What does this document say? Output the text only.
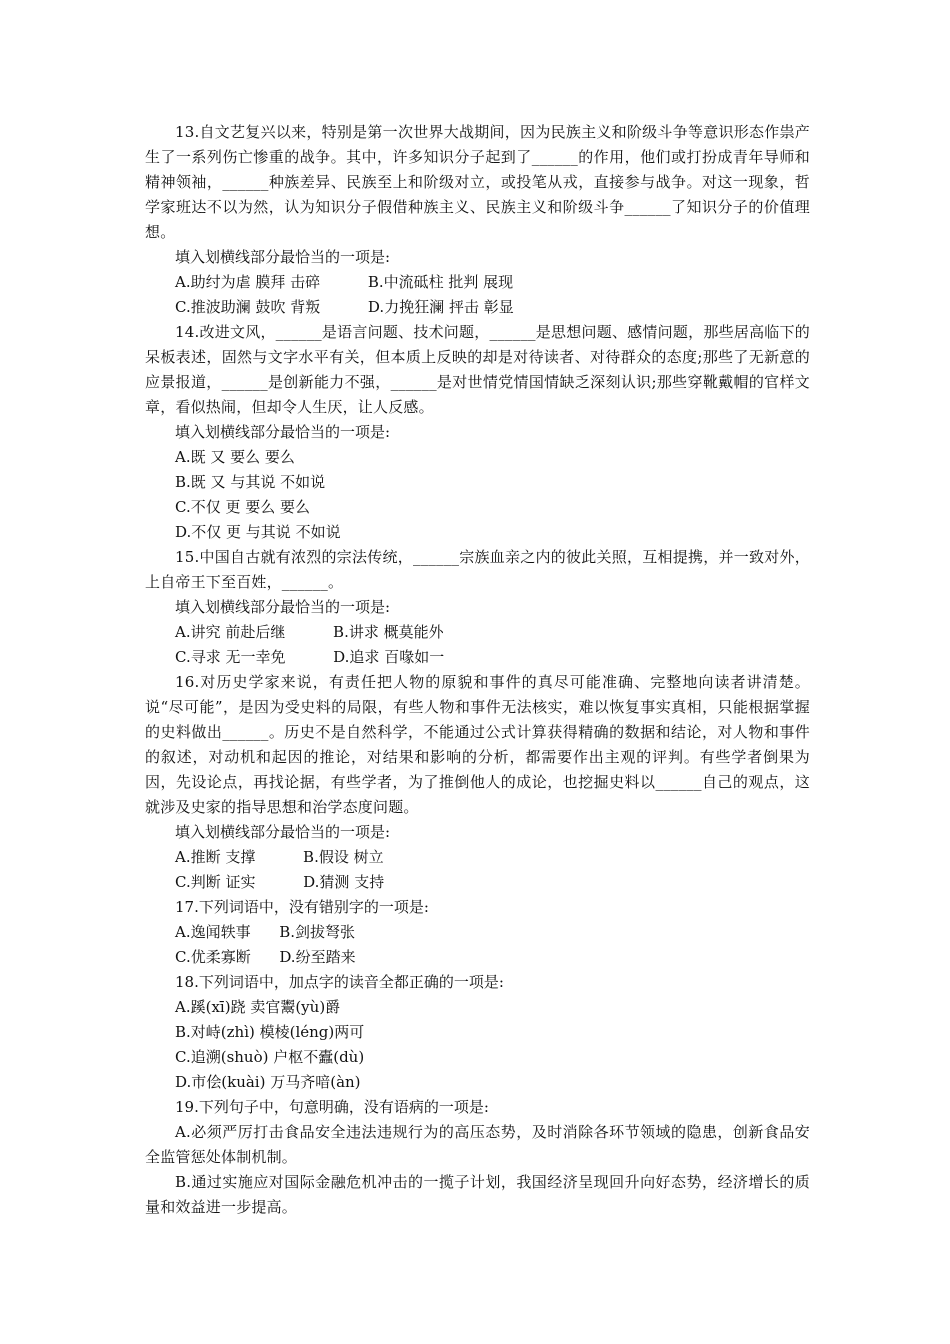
13.自文艺复兴以来，特别是第一次世界大战期间，因为民族主义和阶级斗争等意识形态作祟产生了一系列伤亡惨重的战争。其中，许多知识分子起到了______的作用，他们或打扮成青年导师和精神领袖，______种族差异、民族至上和阶级对立，或投笔从戎，直接参与战争。对这一现象，哲学家班达不以为然，认为知识分子假借种族主义、民族主义和阶级斗争______了知识分子的价值理想。

填入划横线部分最恰当的一项是:

A.助纣为虐 膜拜 击碎          B.中流砥柱 批判 展现

C.推波助澜 鼓吹 背叛          D.力挽狂澜 抨击 彰显

14.改进文风，______是语言问题、技术问题，______是思想问题、感情问题，那些居高临下的呆板表述，固然与文字水平有关，但本质上反映的却是对待读者、对待群众的态度;那些了无新意的应景报道，______是创新能力不强，______是对世情党情国情缺乏深刻认识;那些穿靴戴帽的官样文章，看似热闹，但却令人生厌，让人反感。

填入划横线部分最恰当的一项是:

A.既 又 要么 要么

B.既 又 与其说 不如说

C.不仅 更 要么 要么

D.不仅 更 与其说 不如说

15.中国自古就有浓烈的宗法传统，______宗族血亲之内的彼此关照，互相提携，并一致对外，上自帝王下至百姓，______。

填入划横线部分最恰当的一项是:

A.讲究 前赴后继          B.讲求 概莫能外

C.寻求 无一幸免          D.追求 百喙如一

16.对历史学家来说，有责任把人物的原貌和事件的真尽可能准确、完整地向读者讲清楚。说“尽可能”，是因为受史料的局限，有些人物和事件无法核实，难以恢复事实真相，只能根据掌握的史料做出______。历史不是自然科学，不能通过公式计算获得精确的数据和结论，对人物和事件的叙述，对动机和起因的推论，对结果和影响的分析，都需要作出主观的评判。有些学者倒果为因，先设论点，再找论据，有些学者，为了推倒他人的成论，也挖掘史料以______自己的观点，这就涉及史家的指导思想和治学态度问题。

填入划横线部分最恰当的一项是:

A.推断 支撑          B.假设 树立

C.判断 证实          D.猜测 支持

17.下列词语中，没有错别字的一项是:

A.逸闻轶事      B.剑拔弩张

C.优柔寡断      D.纷至踏来

18.下列词语中，加点字的读音全都正确的一项是:

A.蹊(xī)跷 卖官鬻(yù)爵

B.对峙(zhì) 模棱(léng)两可

C.追溯(shuò) 户枢不蠹(dù)

D.市侩(kuài) 万马齐喑(àn)

19.下列句子中，句意明确，没有语病的一项是:

A.必须严厉打击食品安全违法违规行为的高压态势，及时消除各环节领域的隐患，创新食品安全监管惩处体制机制。

B.通过实施应对国际金融危机冲击的一揽子计划，我国经济呈现回升向好态势，经济增长的质量和效益进一步提高。
